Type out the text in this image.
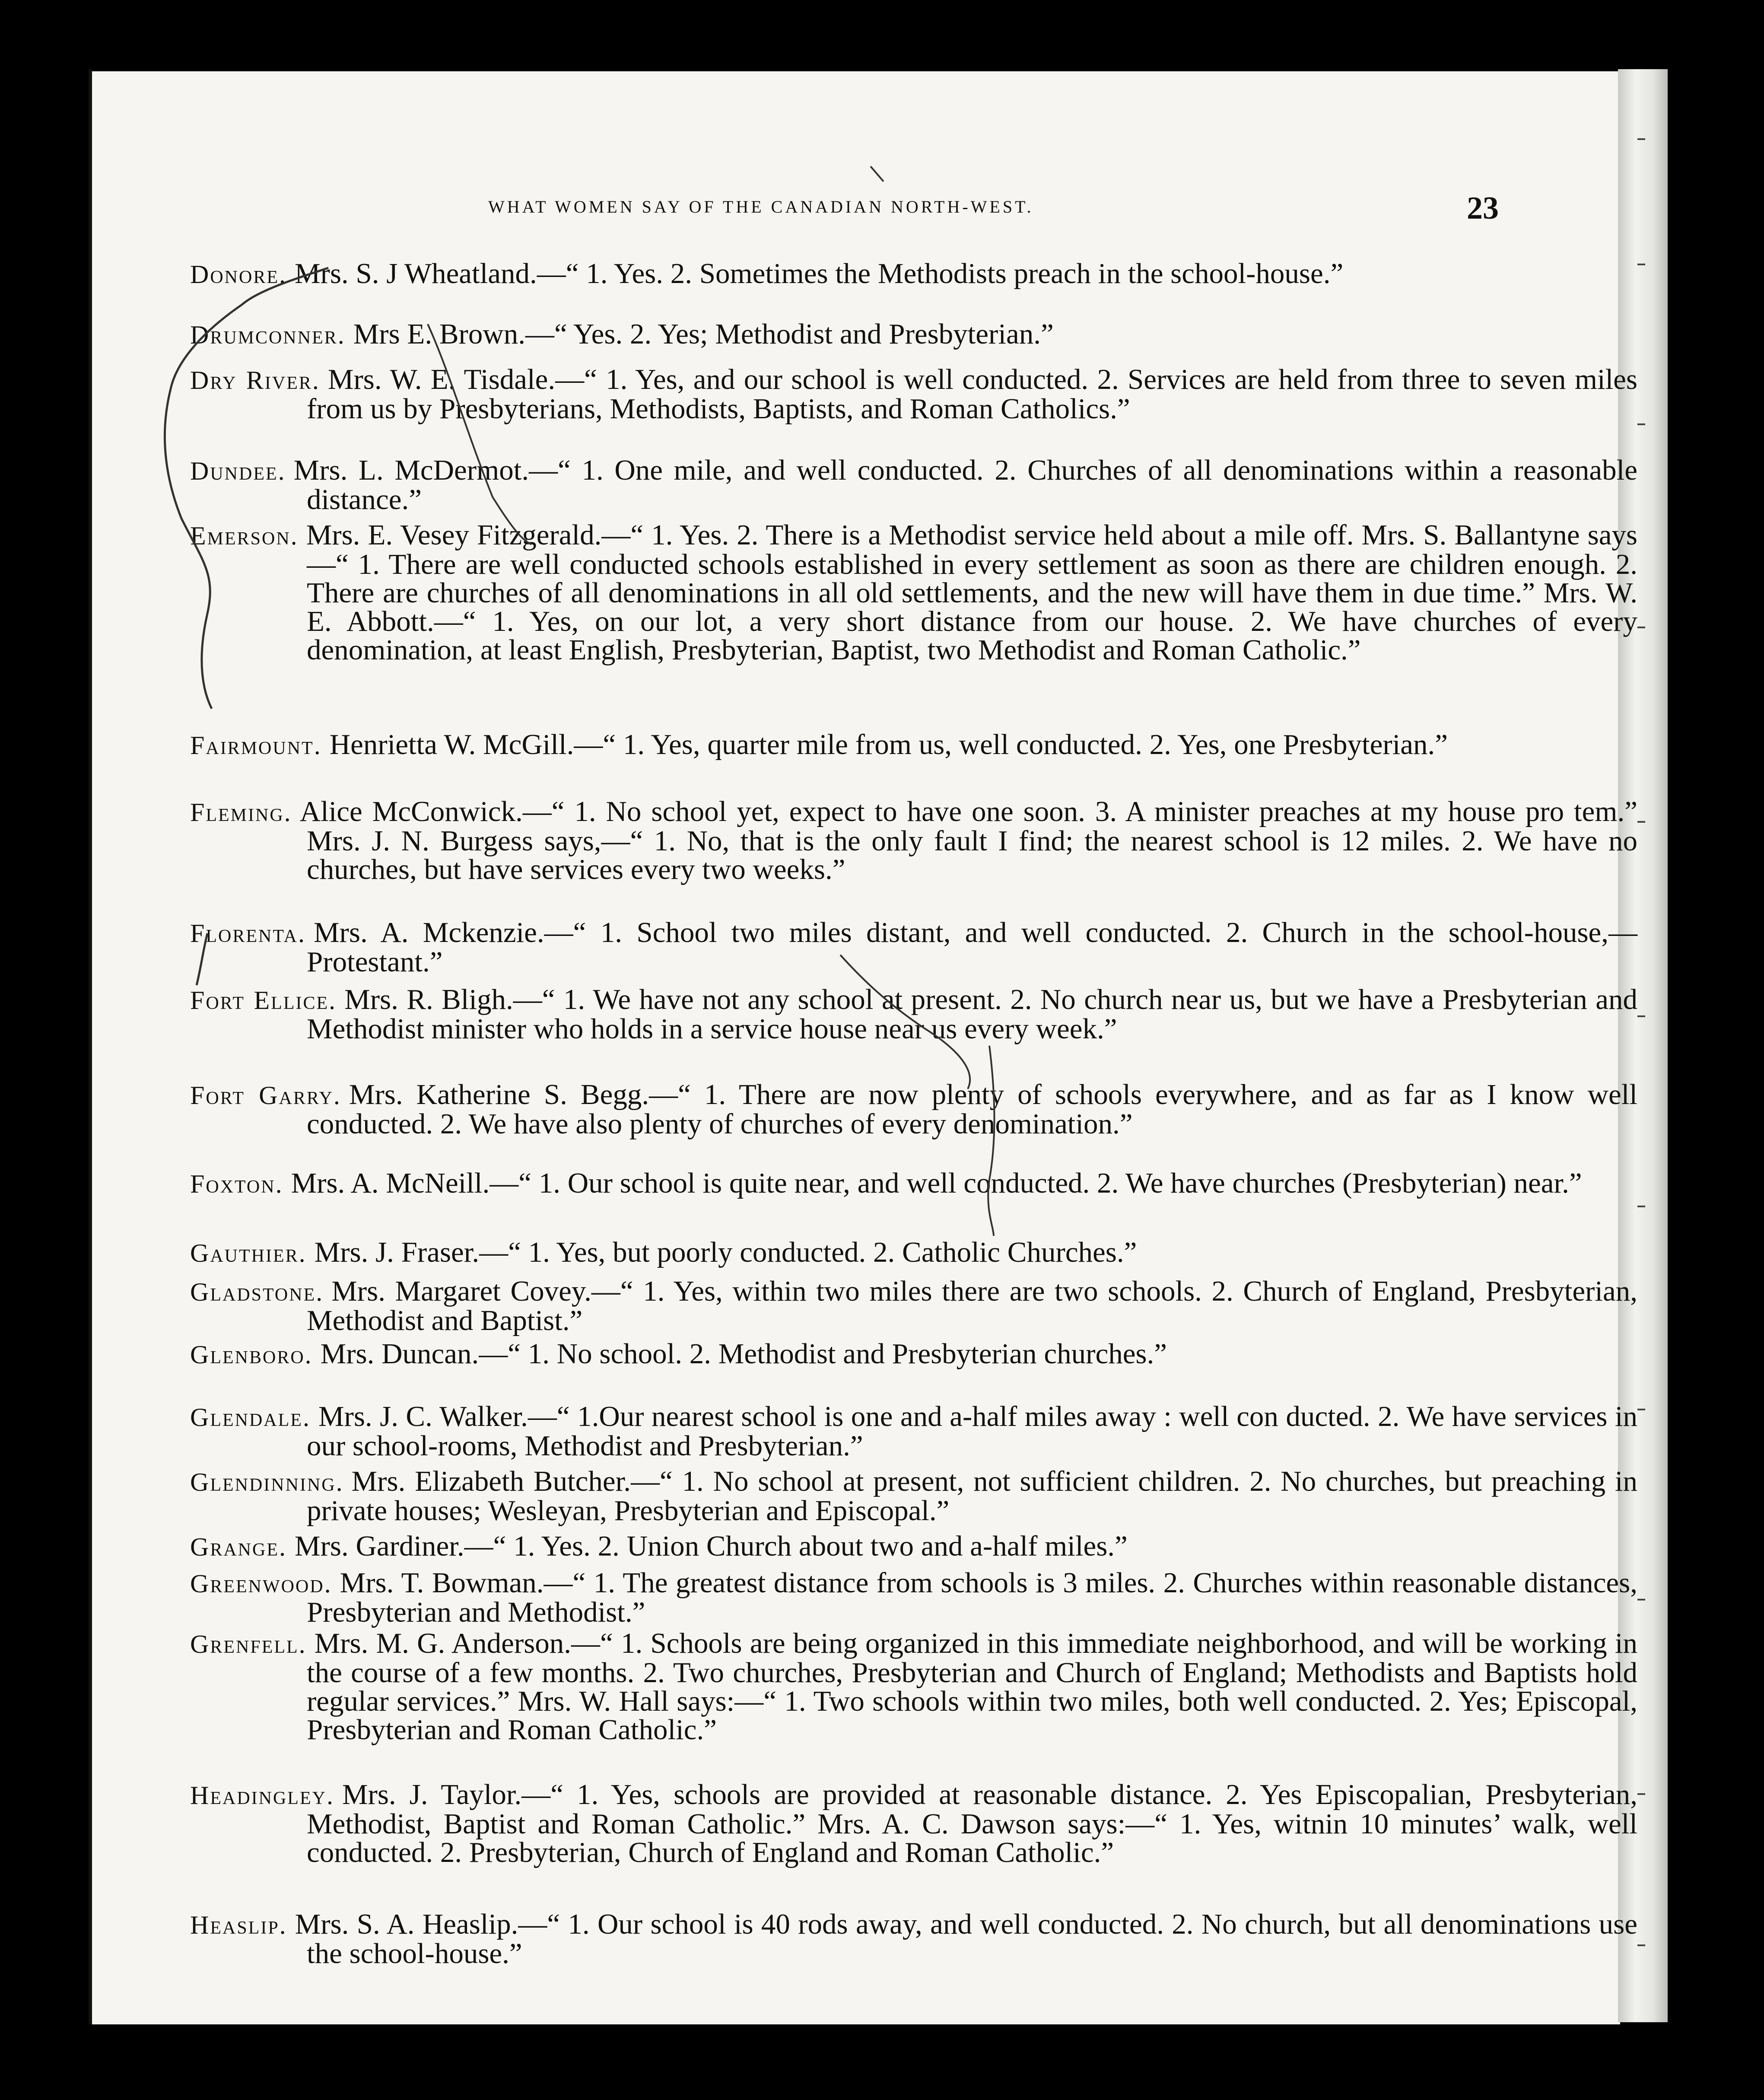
WHAT WOMEN SAY OF THE CANADIAN NORTH-WEST.	23

Donore. Mrs. S. J Wheatland.—“ 1. Yes. 2. Sometimes the Methodists preach in the school-house.”

Drumconner. Mrs E. Brown.—“ Yes. 2. Yes; Methodist and Presbyterian.”

Dry River. Mrs. W. E. Tisdale.—“ 1. Yes, and our school is well conducted. 2. Services are held from three to seven miles from us by Presbyterians, Methodists, Baptists, and Roman Catholics.”

Dundee. Mrs. L. McDermot.—“ 1. One mile, and well conducted. 2. Churches of all denominations within a reasonable distance.”

Emerson. Mrs. E. Vesey Fitzgerald.—“ 1. Yes. 2. There is a Methodist service held about a mile off. Mrs. S. Ballantyne says—“ 1. There are well conducted schools established in every settlement as soon as there are children enough. 2. There are churches of all denominations in all old settlements, and the new will have them in due time.” Mrs. W. E. Abbott.—“ 1. Yes, on our lot, a very short distance from our house. 2. We have churches of every denomination, at least English, Presbyterian, Baptist, two Methodist and Roman Catholic.”

Fairmount. Henrietta W. McGill.—“ 1. Yes, quarter mile from us, well conducted. 2. Yes, one Presbyterian.”

Fleming. Alice McConwick.—“ 1. No school yet, expect to have one soon. 3. A minister preaches at my house pro tem.” Mrs. J. N. Burgess says,—“ 1. No, that is the only fault I find; the nearest school is 12 miles. 2. We have no churches, but have services every two weeks.”

Florenta. Mrs. A. Mckenzie.—“ 1. School two miles distant, and well conducted. 2. Church in the school-house,—Protestant.”

Fort Ellice. Mrs. R. Bligh.—“ 1. We have not any school at present. 2. No church near us, but we have a Presbyterian and Methodist minister who holds in a service house near us every week.”

Fort Garry. Mrs. Katherine S. Begg.—“ 1. There are now plenty of schools everywhere, and as far as I know well conducted. 2. We have also plenty of churches of every denomination.”

Foxton. Mrs. A. McNeill.—“ 1. Our school is quite near, and well conducted. 2. We have churches (Presbyterian) near.”

Gauthier. Mrs. J. Fraser.—“ 1. Yes, but poorly conducted. 2. Catholic Churches.”

Gladstone. Mrs. Margaret Covey.—“ 1. Yes, within two miles there are two schools. 2. Church of England, Presbyterian, Methodist and Baptist.”

Glenboro. Mrs. Duncan.—“ 1. No school. 2. Methodist and Presbyterian churches.”

Glendale. Mrs. J. C. Walker.—“ 1.Our nearest school is one and a-half miles away : well con ducted. 2. We have services in our school-rooms, Methodist and Presbyterian.”

Glendinning. Mrs. Elizabeth Butcher.—“ 1. No school at present, not sufficient children. 2. No churches, but preaching in private houses; Wesleyan, Presbyterian and Episcopal.”

Grange. Mrs. Gardiner.—“ 1. Yes. 2. Union Church about two and a-half miles.”

Greenwood. Mrs. T. Bowman.—“ 1. The greatest distance from schools is 3 miles. 2. Churches within reasonable distances, Presbyterian and Methodist.”

Grenfell. Mrs. M. G. Anderson.—“ 1. Schools are being organized in this immediate neighborhood, and will be working in the course of a few months. 2. Two churches, Presbyterian and Church of England; Methodists and Baptists hold regular services.” Mrs. W. Hall says:—“ 1. Two schools within two miles, both well conducted. 2. Yes; Episcopal, Presbyterian and Roman Catholic.”

Headingley. Mrs. J. Taylor.—“ 1. Yes, schools are provided at reasonable distance. 2. Yes Episcopalian, Presbyterian, Methodist, Baptist and Roman Catholic.” Mrs. A. C. Dawson says:—“ 1. Yes, witnin 10 minutes’ walk, well conducted. 2. Presbyterian, Church of England and Roman Catholic.”

Heaslip. Mrs. S. A. Heaslip.—“ 1. Our school is 40 rods away, and well conducted. 2. No church, but all denominations use the school-house.”
